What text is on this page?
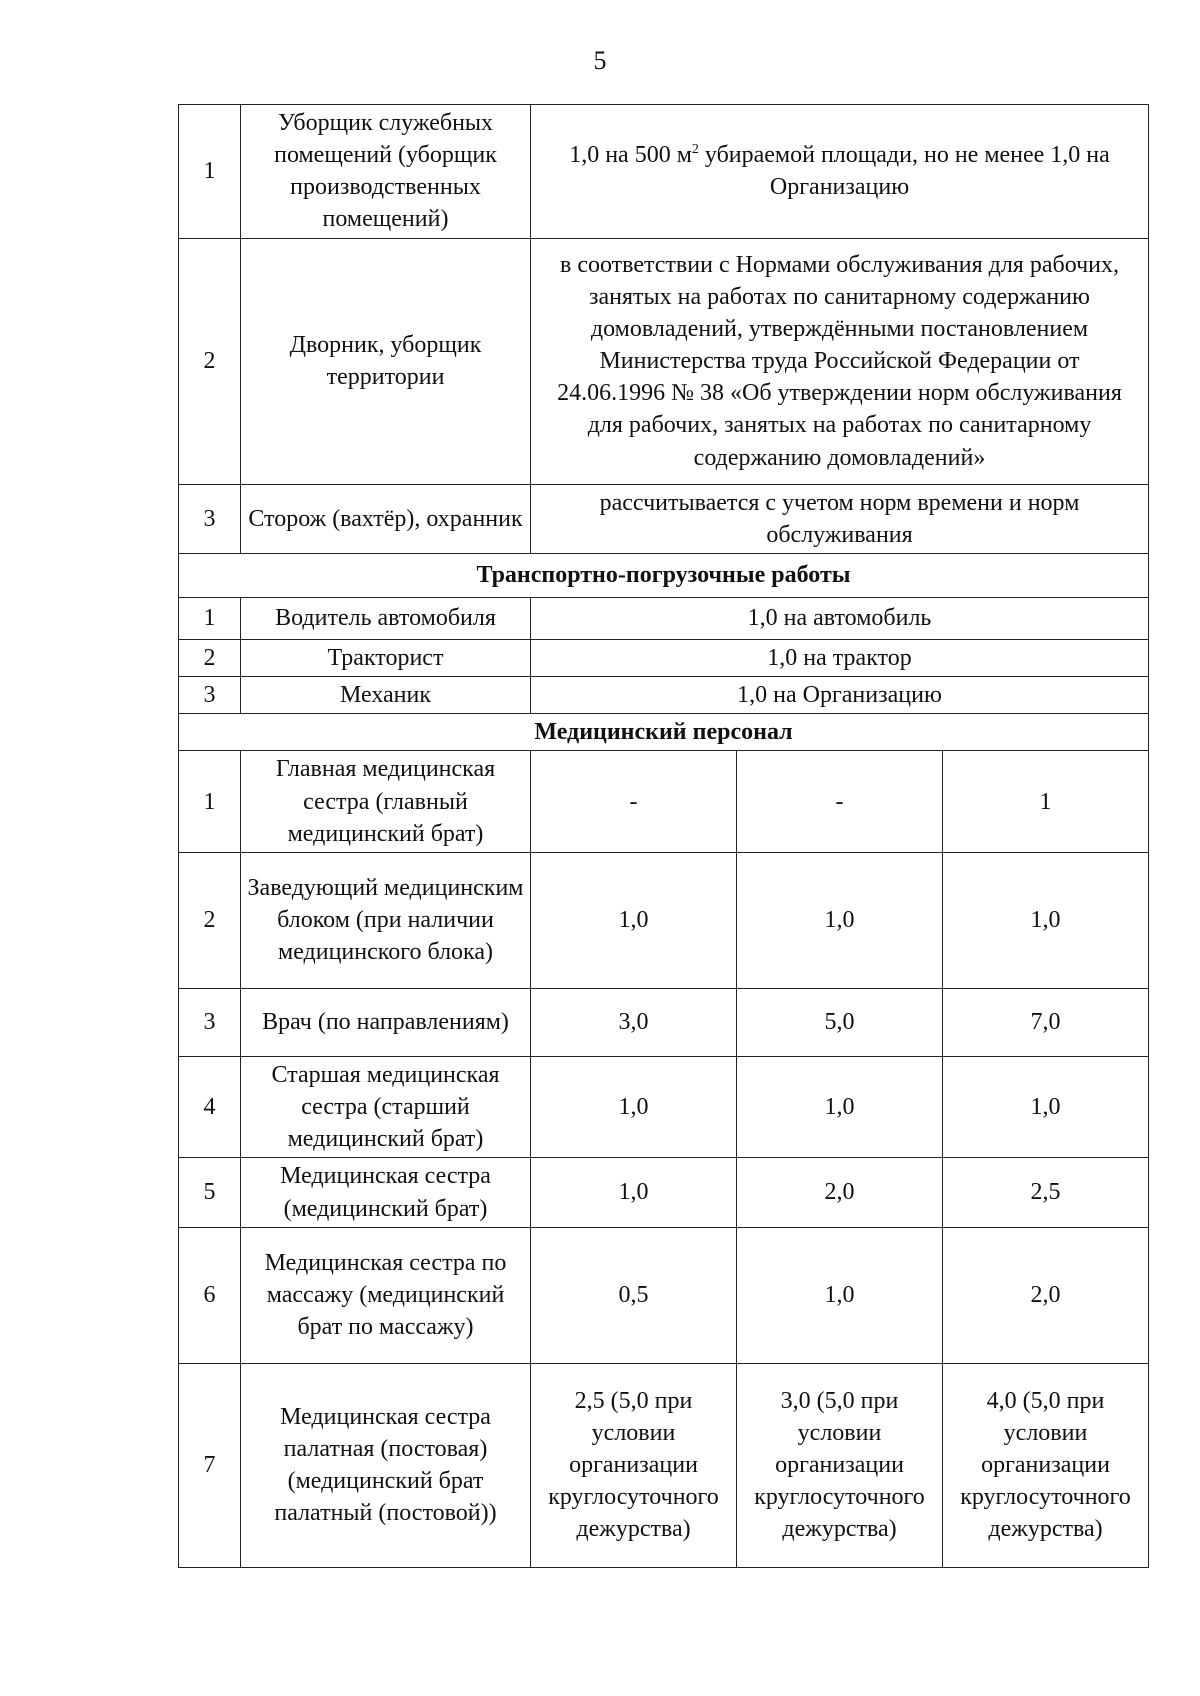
5
1	Уборщик служебных помещений (уборщик производственных помещений)	1,0 на 500 $м^2$ убираемой площади, но не менее 1,0 на Организацию		
2	Дворник, уборщик территории	в соответствии с Нормами обслуживания для рабочих, занятых на работах по санитарному содержанию домовладений, утверждёнными постановлением Министерства труда Российской Федерации от 24.06.1996 № 38 «Об утверждении норм обслуживания для рабочих, занятых на работах по санитарному содержанию домовладений»		
3	Сторож (вахтёр), охранник	рассчитывается с учетом норм времени и норм обслуживания		
Транспортно-погрузочные работы				
1	Водитель автомобиля	1,0 на автомобиль		
2	Тракторист	1,0 на трактор		
3	Механик	1,0 на Организацию		
Медицинский персонал				
1	Главная медицинская сестра (главный медицинский брат)	-	-	1
2	Заведующий медицинским блоком (при наличии медицинского блока)	1,0	1,0	1,0
3	Врач (по направлениям)	3,0	5,0	7,0
4	Старшая медицинская сестра (старший медицинский брат)	1,0	1,0	1,0
5	Медицинская сестра (медицинский брат)	1,0	2,0	2,5
6	Медицинская сестра по массажу (медицинский брат по массажу)	0,5	1,0	2,0
7	Медицинская сестра палатная (постовая) (медицинский брат палатный (постовой))	2,5 (5,0 при условии организации круглосуточного дежурства)	3,0 (5,0 при условии организации круглосуточного дежурства)	4,0 (5,0 при условии организации круглосуточного дежурства)
